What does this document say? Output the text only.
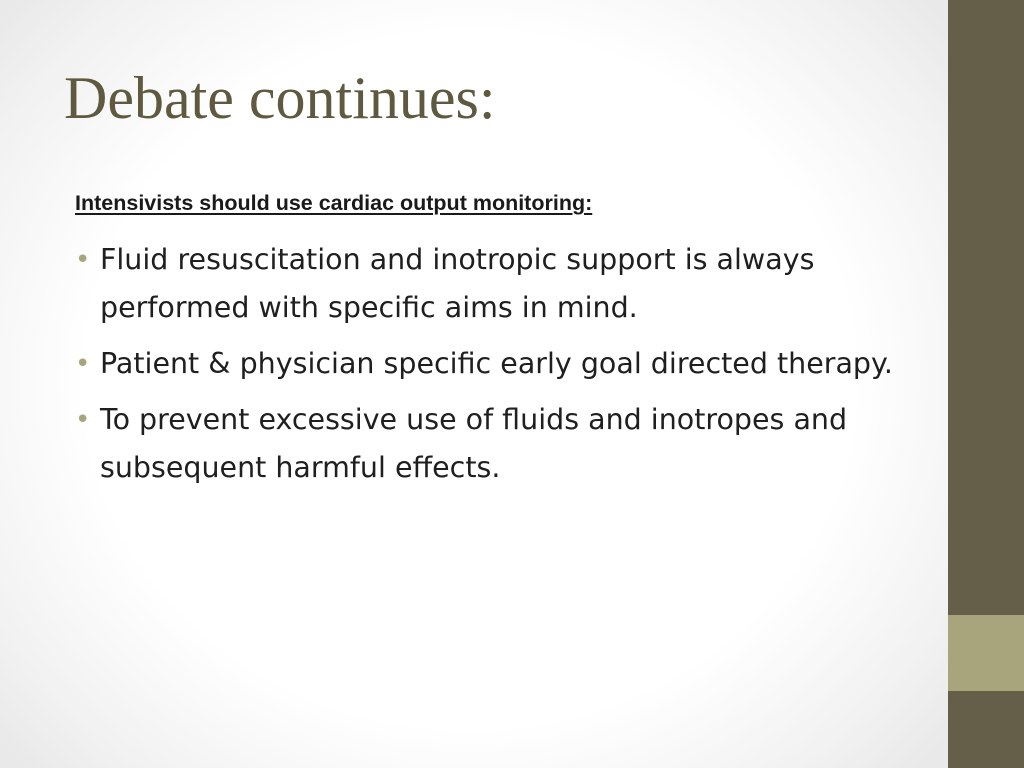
Debate continues:

Intensivists should use cardiac output monitoring:

• Fluid resuscitation and inotropic support is always performed with specific aims in mind.
• Patient & physician specific early goal directed therapy.
• To prevent excessive use of fluids and inotropes and subsequent harmful effects.
